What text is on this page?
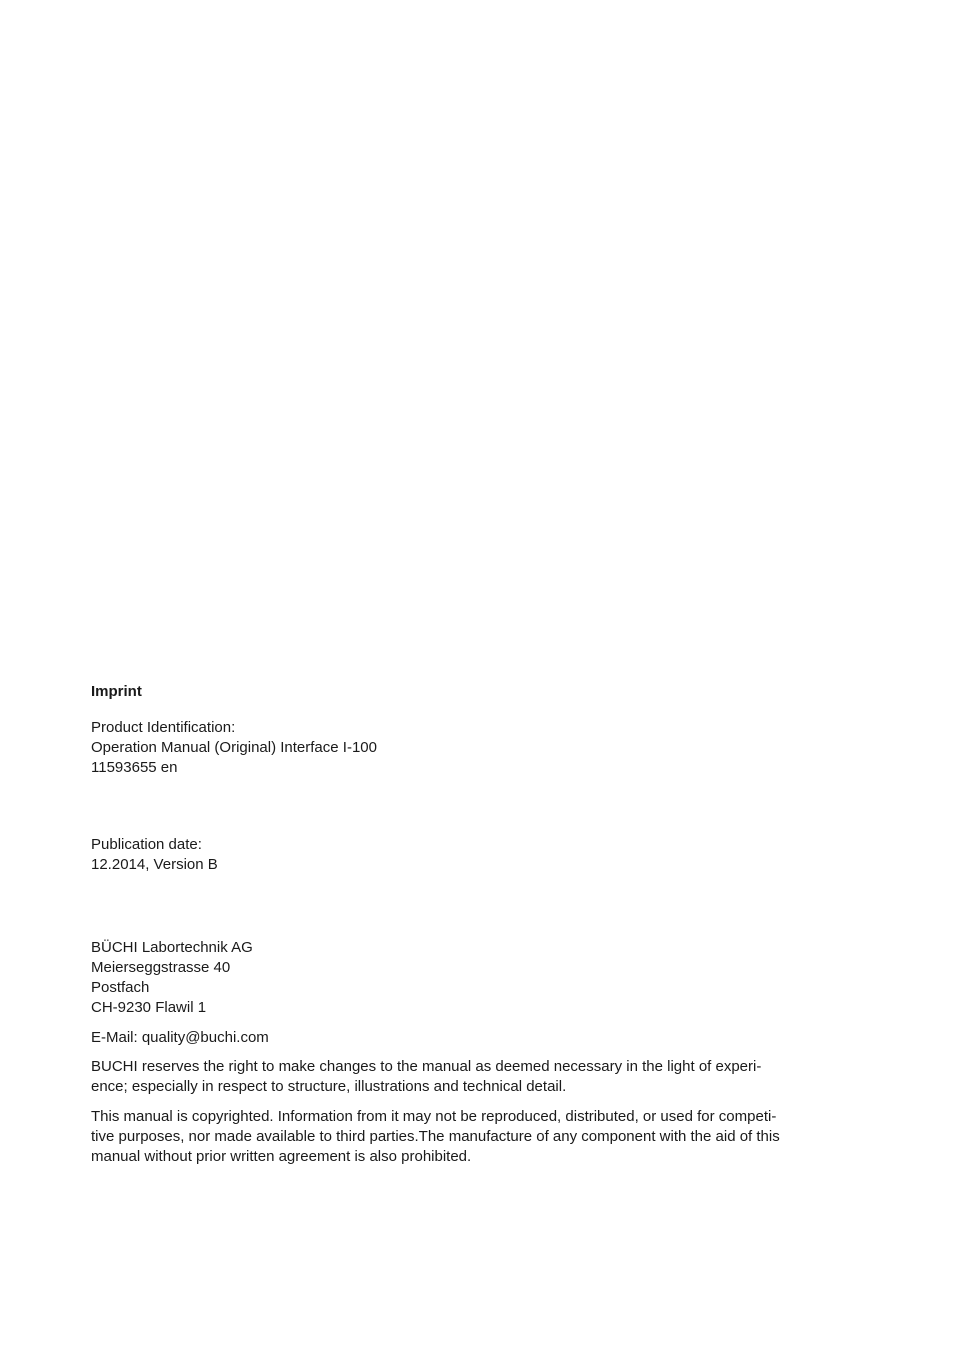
Imprint
Product Identification:
Operation Manual (Original) Interface I-100
11593655 en
Publication date:
12.2014, Version B
BÜCHI Labortechnik AG
Meierseggstrasse 40
Postfach
CH-9230 Flawil 1
E-Mail: quality@buchi.com
BUCHI reserves the right to make changes to the manual as deemed necessary in the light of experi-
ence; especially in respect to structure, illustrations and technical detail.
This manual is copyrighted. Information from it may not be reproduced, distributed, or used for competi-
tive purposes, nor made available to third parties.The manufacture of any component with the aid of this
manual without prior written agreement is also prohibited.
